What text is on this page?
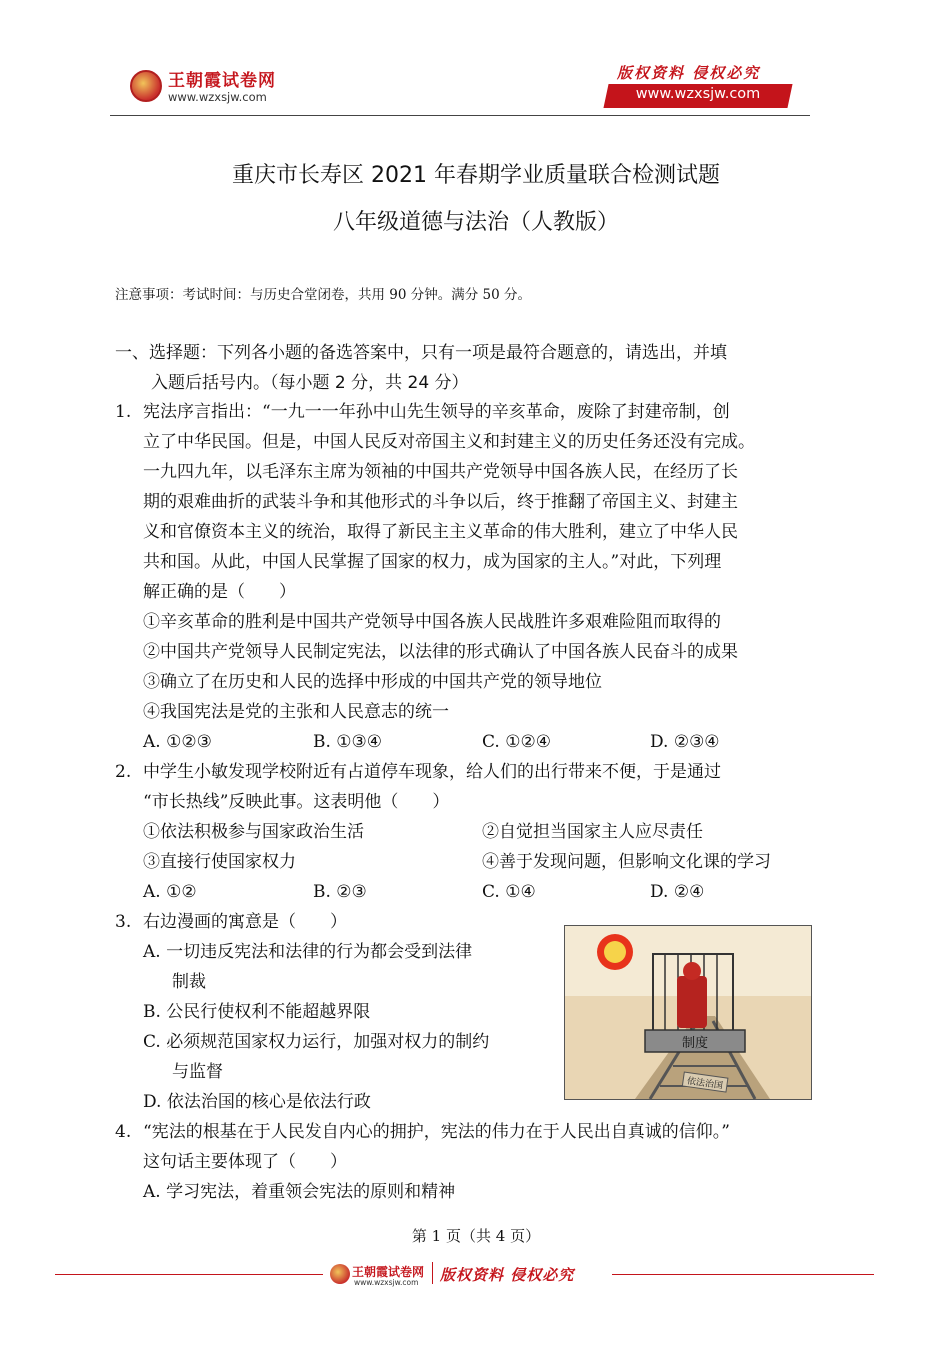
王朝霞试卷网
www.wzxsjw.com
版权资料 侵权必究
www.wzxsjw.com
重庆市长寿区 2021 年春期学业质量联合检测试题
八年级道德与法治（人教版）
注意事项：考试时间：与历史合堂闭卷，共用 90 分钟。满分 50 分。
一、选择题：下列各小题的备选答案中，只有一项是最符合题意的，请选出，并填
入题后括号内。（每小题 2 分，共 24 分）
1. 宪法序言指出：“一九一一年孙中山先生领导的辛亥革命，废除了封建帝制，创
立了中华民国。但是，中国人民反对帝国主义和封建主义的历史任务还没有完成。
一九四九年，以毛泽东主席为领袖的中国共产党领导中国各族人民，在经历了长
期的艰难曲折的武装斗争和其他形式的斗争以后，终于推翻了帝国主义、封建主
义和官僚资本主义的统治，取得了新民主主义革命的伟大胜利，建立了中华人民
共和国。从此，中国人民掌握了国家的权力，成为国家的主人。”对此，下列理
解正确的是（　　）
①辛亥革命的胜利是中国共产党领导中国各族人民战胜许多艰难险阻而取得的
②中国共产党领导人民制定宪法，以法律的形式确认了中国各族人民奋斗的成果
③确立了在历史和人民的选择中形成的中国共产党的领导地位
④我国宪法是党的主张和人民意志的统一
A. ①②③	B. ①③④	C. ①②④	D. ②③④
2. 中学生小敏发现学校附近有占道停车现象，给人们的出行带来不便，于是通过
“市长热线”反映此事。这表明他（　　）
①依法积极参与国家政治生活	②自觉担当国家主人应尽责任
③直接行使国家权力	④善于发现问题，但影响文化课的学习
A. ①②	B. ②③	C. ①④	D. ②④
3. 右边漫画的寓意是（　　）
A. 一切违反宪法和法律的行为都会受到法律
制裁
B. 公民行使权利不能超越界限
C. 必须规范国家权力运行，加强对权力的制约
与监督
D. 依法治国的核心是依法行政
制度
依法治国
4. “宪法的根基在于人民发自内心的拥护，宪法的伟力在于人民出自真诚的信仰。”
这句话主要体现了（　　）
A. 学习宪法，着重领会宪法的原则和精神
第 1 页（共 4 页）
王朝霞试卷网
www.wzxsjw.com 版权资料 侵权必究
